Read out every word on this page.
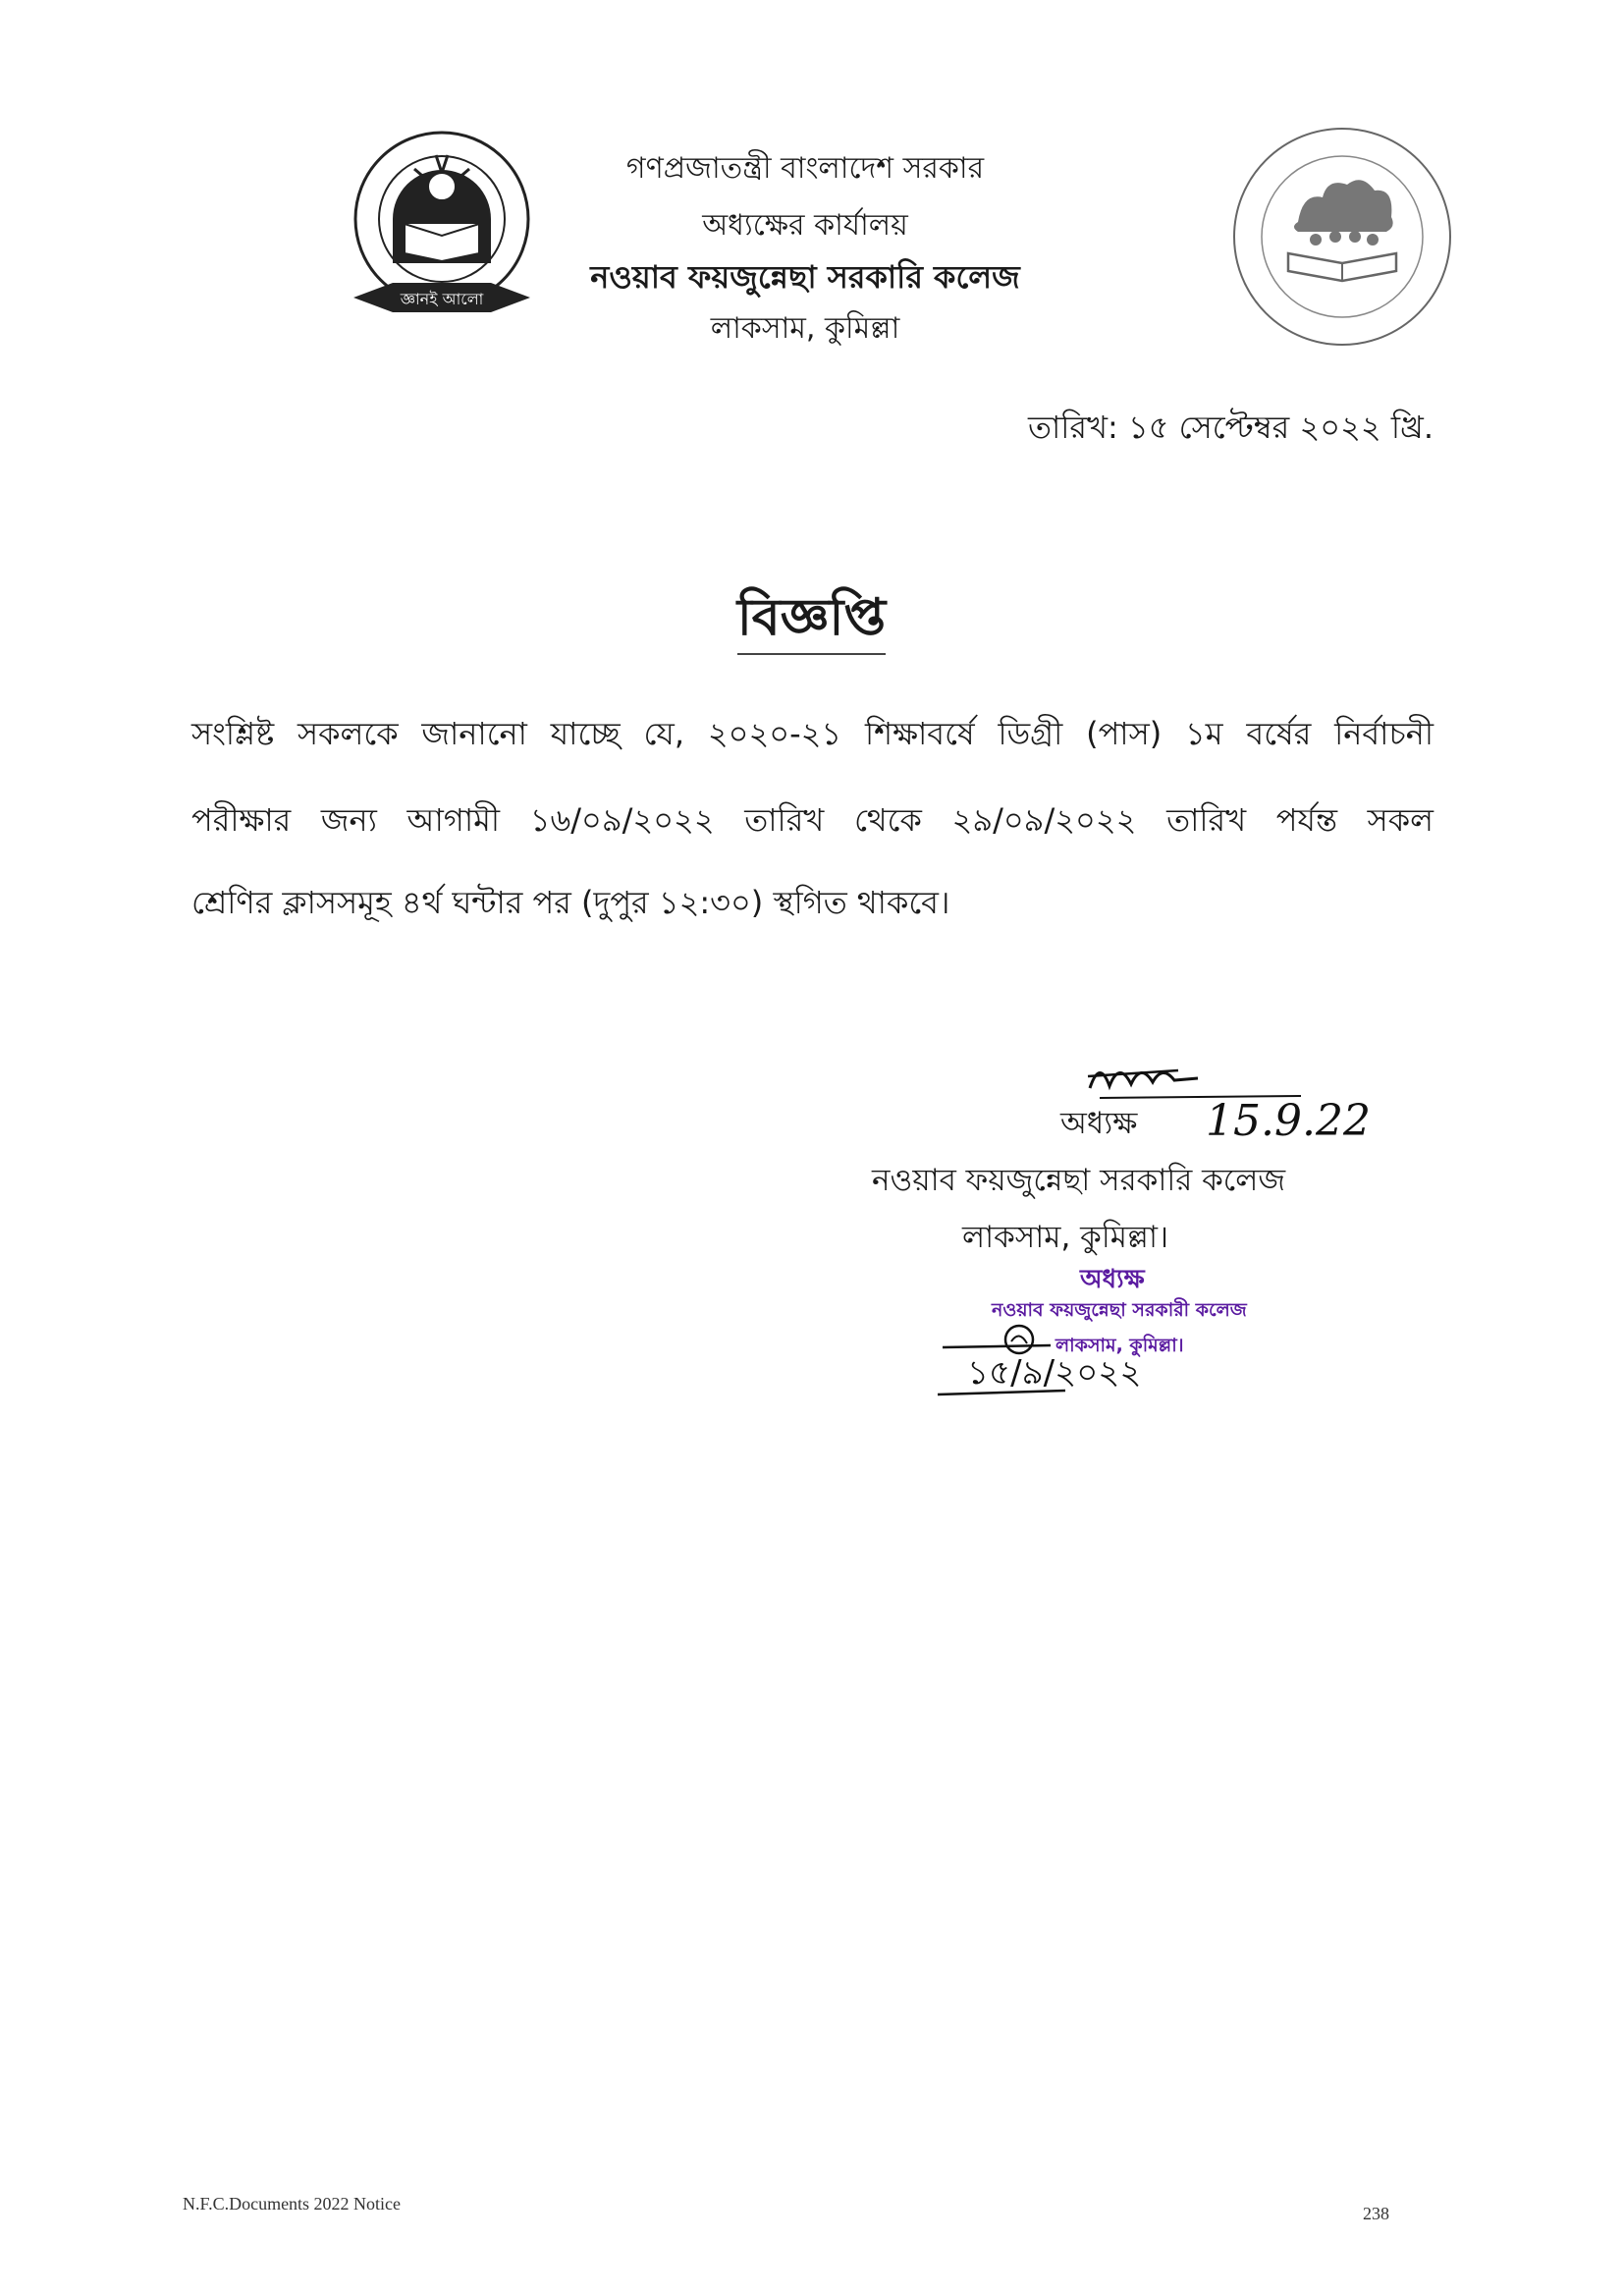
জ্ঞানই আলো
গণপ্রজাতন্ত্রী বাংলাদেশ সরকার
অধ্যক্ষের কার্যালয়
নওয়াব ফয়জুন্নেছা সরকারি কলেজ
লাকসাম, কুমিল্লা
তারিখ: ১৫ সেপ্টেম্বর ২০২২ খ্রি.
বিজ্ঞপ্তি
সংশ্লিষ্ট সকলকে জানানো যাচ্ছে যে, ২০২০-২১ শিক্ষাবর্ষে ডিগ্রী (পাস) ১ম বর্ষের নির্বাচনী
পরীক্ষার জন্য আগামী ১৬/০৯/২০২২ তারিখ থেকে ২৯/০৯/২০২২ তারিখ পর্যন্ত সকল
শ্রেণির ক্লাসসমূহ ৪র্থ ঘন্টার পর (দুপুর ১২:৩০) স্থগিত থাকবে।
অধ্যক্ষ 15.9.22
নওয়াব ফয়জুন্নেছা সরকারি কলেজ
লাকসাম, কুমিল্লা।
অধ্যক্ষ
নওয়াব ফয়জুন্নেছা সরকারী কলেজ
লাকসাম, কুমিল্লা।
১৫/৯/২০২২
N.F.C.Documents 2022 Notice	238
